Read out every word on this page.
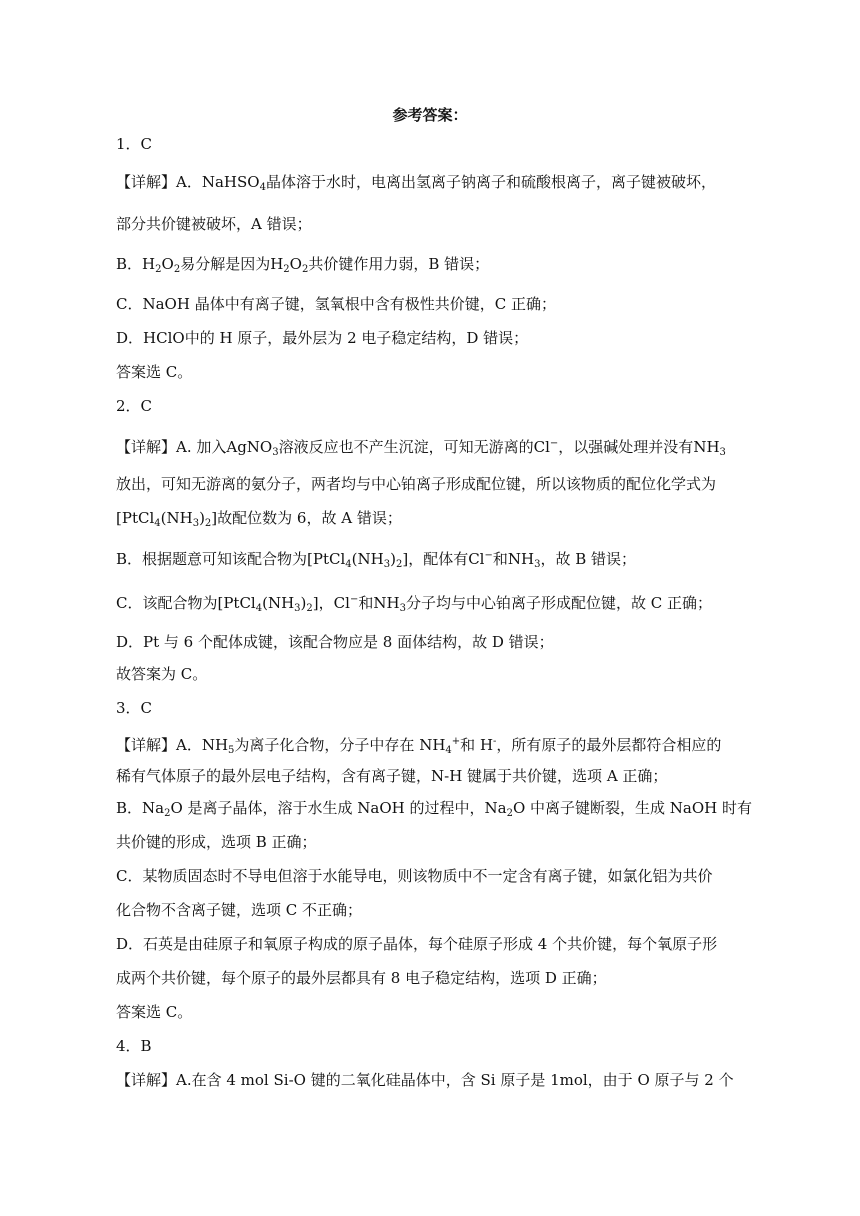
参考答案：
1．C
【详解】A．NaHSO$_4$晶体溶于水时，电离出氢离子钠离子和硫酸根离子，离子键被破坏，
部分共价键被破坏，A 错误；
B．$H_2O_2$易分解是因为$H_2O_2$共价键作用力弱，B 错误；
C．NaOH 晶体中有离子键，氢氧根中含有极性共价键，C 正确；
D．HClO中的 H 原子，最外层为 2 电子稳定结构，D 错误；
答案选 C。
2．C
【详解】A. 加入AgNO$_3$溶液反应也不产生沉淀，可知无游离的Cl−，以强碱处理并没有$NH_3$
放出，可知无游离的氨分子，两者均与中心铂离子形成配位键，所以该物质的配位化学式为
$[PtCl_4(NH_3)_2]$故配位数为 6，故 A 错误；
B．根据题意可知该配合物为$[PtCl_4(NH_3)_2]$，配体有Cl−和$NH_3$，故 B 错误；
C．该配合物为$[PtCl_4(NH_3)_2]$，Cl−和$NH_3$分子均与中心铂离子形成配位键，故 C 正确；
D．Pt 与 6 个配体成键，该配合物应是 8 面体结构，故 D 错误；
故答案为 C。
3．C
【详解】A．$NH_5$为离子化合物，分子中存在 $NH_4^+$和 H-，所有原子的最外层都符合相应的
稀有气体原子的最外层电子结构，含有离子键，N-H 键属于共价键，选项 A 正确；
B．$Na_2O$ 是离子晶体，溶于水生成 NaOH 的过程中，$Na_2O$ 中离子键断裂，生成 NaOH 时有
共价键的形成，选项 B 正确；
C．某物质固态时不导电但溶于水能导电，则该物质中不一定含有离子键，如氯化铝为共价
化合物不含离子键，选项 C 不正确；
D．石英是由硅原子和氧原子构成的原子晶体，每个硅原子形成 4 个共价键，每个氧原子形
成两个共价键，每个原子的最外层都具有 8 电子稳定结构，选项 D 正确；
答案选 C。
4．B
【详解】A.在含 4 mol Si-O 键的二氧化硅晶体中，含 Si 原子是 1mol，由于 O 原子与 2 个
